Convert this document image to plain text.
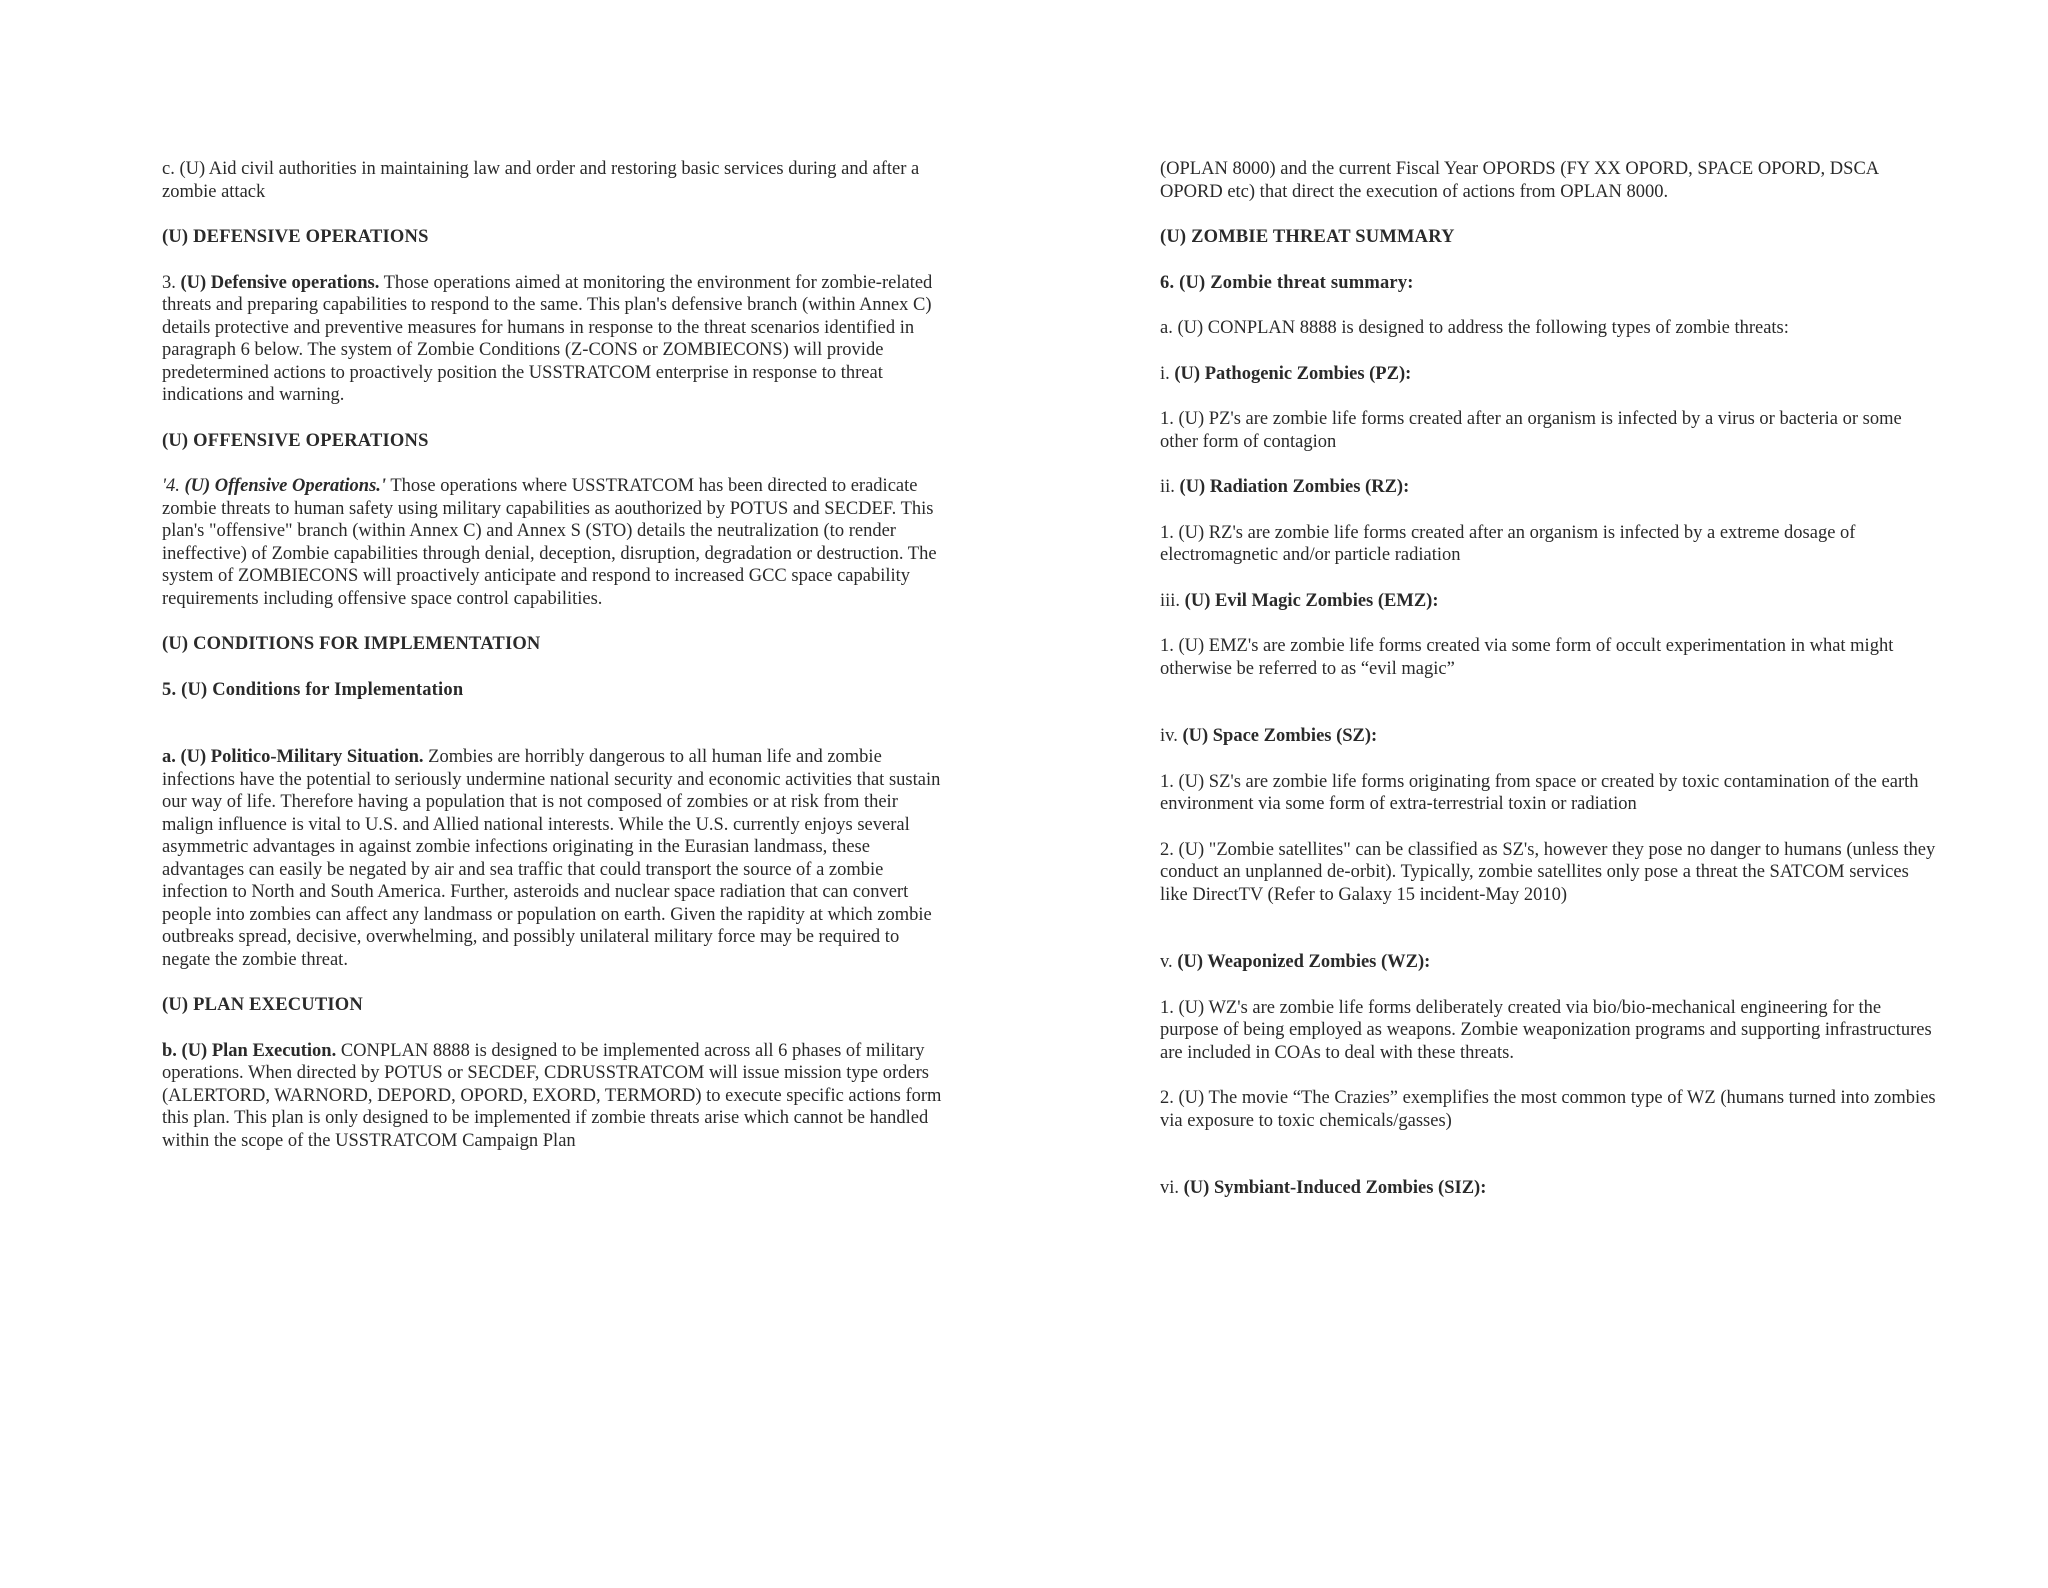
c. (U) Aid civil authorities in maintaining law and order and restoring basic services during and after a zombie attack

(U) DEFENSIVE OPERATIONS

3. (U) Defensive operations. Those operations aimed at monitoring the environment for zombie-related threats and preparing capabilities to respond to the same. This plan's defensive branch (within Annex C) details protective and preventive measures for humans in response to the threat scenarios identified in paragraph 6 below. The system of Zombie Conditions (Z-CONS or ZOMBIECONS) will provide predetermined actions to proactively position the USSTRATCOM enterprise in response to threat indications and warning.

(U) OFFENSIVE OPERATIONS

'4. (U) Offensive Operations.' Those operations where USSTRATCOM has been directed to eradicate zombie threats to human safety using military capabilities as aouthorized by POTUS and SECDEF. This plan's "offensive" branch (within Annex C) and Annex S (STO) details the neutralization (to render ineffective) of Zombie capabilities through denial, deception, disruption, degradation or destruction. The system of ZOMBIECONS will proactively anticipate and respond to increased GCC space capability requirements including offensive space control capabilities.

(U) CONDITIONS FOR IMPLEMENTATION
5. (U) Conditions for Implementation

a. (U) Politico-Military Situation. Zombies are horribly dangerous to all human life and zombie infections have the potential to seriously undermine national security and economic activities that sustain our way of life. Therefore having a population that is not composed of zombies or at risk from their malign influence is vital to U.S. and Allied national interests. While the U.S. currently enjoys several asymmetric advantages in against zombie infections originating in the Eurasian landmass, these advantages can easily be negated by air and sea traffic that could transport the source of a zombie infection to North and South America. Further, asteroids and nuclear space radiation that can convert people into zombies can affect any landmass or population on earth. Given the rapidity at which zombie outbreaks spread, decisive, overwhelming, and possibly unilateral military force may be required to negate the zombie threat.

(U) PLAN EXECUTION

b. (U) Plan Execution. CONPLAN 8888 is designed to be implemented across all 6 phases of military operations. When directed by POTUS or SECDEF, CDRUSSTRATCOM will issue mission type orders (ALERTORD, WARNORD, DEPORD, OPORD, EXORD, TERMORD) to execute specific actions form this plan. This plan is only designed to be implemented if zombie threats arise which cannot be handled within the scope of the USSTRATCOM Campaign Plan

(OPLAN 8000) and the current Fiscal Year OPORDS (FY XX OPORD, SPACE OPORD, DSCA OPORD etc) that direct the execution of actions from OPLAN 8000.

(U) ZOMBIE THREAT SUMMARY
6. (U) Zombie threat summary:

a. (U) CONPLAN 8888 is designed to address the following types of zombie threats:

i. (U) Pathogenic Zombies (PZ):

1. (U) PZ's are zombie life forms created after an organism is infected by a virus or bacteria or some other form of contagion

ii. (U) Radiation Zombies (RZ):

1. (U) RZ's are zombie life forms created after an organism is infected by a extreme dosage of electromagnetic and/or particle radiation

iii. (U) Evil Magic Zombies (EMZ):

1. (U) EMZ's are zombie life forms created via some form of occult experimentation in what might otherwise be referred to as “evil magic”

iv. (U) Space Zombies (SZ):

1. (U) SZ's are zombie life forms originating from space or created by toxic contamination of the earth environment via some form of extra-terrestrial toxin or radiation

2. (U) "Zombie satellites" can be classified as SZ's, however they pose no danger to humans (unless they conduct an unplanned de-orbit). Typically, zombie satellites only pose a threat the SATCOM services like DirectTV (Refer to Galaxy 15 incident-May 2010)

v. (U) Weaponized Zombies (WZ):

1. (U) WZ's are zombie life forms deliberately created via bio/bio-mechanical engineering for the purpose of being employed as weapons. Zombie weaponization programs and supporting infrastructures are included in COAs to deal with these threats.

2. (U) The movie “The Crazies” exemplifies the most common type of WZ (humans turned into zombies via exposure to toxic chemicals/gasses)

vi. (U) Symbiant-Induced Zombies (SIZ):
